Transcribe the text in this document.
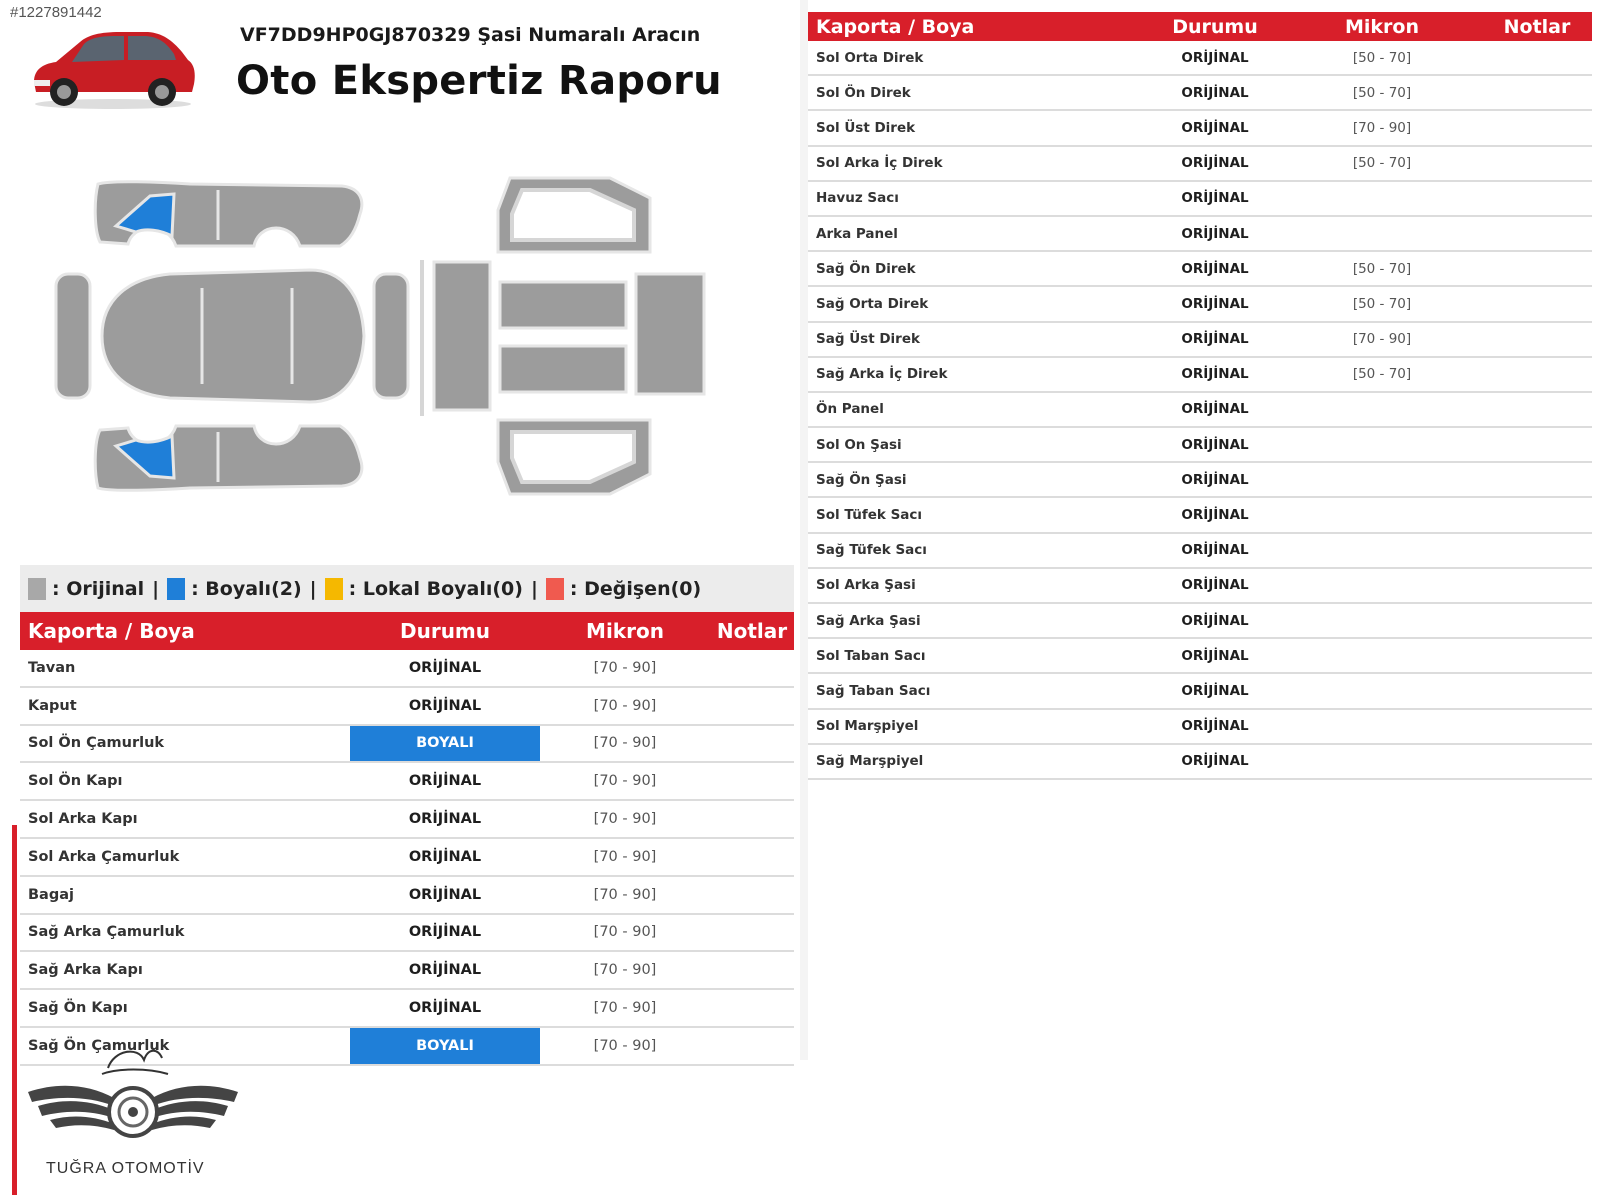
#1227891442
VF7DD9HP0GJ870329 Şasi Numaralı Aracın
Oto Ekspertiz Raporu
: Orijinal | : Boyalı(2) | : Lokal Boyalı(0) | : Değişen(0)
Kaporta / Boya	Durumu	Mikron	Notlar
Tavan	ORİJİNAL	[70 - 90]
Kaput	ORİJİNAL	[70 - 90]
Sol Ön Çamurluk	BOYALI	[70 - 90]
Sol Ön Kapı	ORİJİNAL	[70 - 90]
Sol Arka Kapı	ORİJİNAL	[70 - 90]
Sol Arka Çamurluk	ORİJİNAL	[70 - 90]
Bagaj	ORİJİNAL	[70 - 90]
Sağ Arka Çamurluk	ORİJİNAL	[70 - 90]
Sağ Arka Kapı	ORİJİNAL	[70 - 90]
Sağ Ön Kapı	ORİJİNAL	[70 - 90]
Sağ Ön Çamurluk	BOYALI	[70 - 90]
Kaporta / Boya	Durumu	Mikron	Notlar
Sol Orta Direk	ORİJİNAL	[50 - 70]
Sol Ön Direk	ORİJİNAL	[50 - 70]
Sol Üst Direk	ORİJİNAL	[70 - 90]
Sol Arka İç Direk	ORİJİNAL	[50 - 70]
Havuz Sacı	ORİJİNAL
Arka Panel	ORİJİNAL
Sağ Ön Direk	ORİJİNAL	[50 - 70]
Sağ Orta Direk	ORİJİNAL	[50 - 70]
Sağ Üst Direk	ORİJİNAL	[70 - 90]
Sağ Arka İç Direk	ORİJİNAL	[50 - 70]
Ön Panel	ORİJİNAL
Sol On Şasi	ORİJİNAL
Sağ Ön Şasi	ORİJİNAL
Sol Tüfek Sacı	ORİJİNAL
Sağ Tüfek Sacı	ORİJİNAL
Sol Arka Şasi	ORİJİNAL
Sağ Arka Şasi	ORİJİNAL
Sol Taban Sacı	ORİJİNAL
Sağ Taban Sacı	ORİJİNAL
Sol Marşpiyel	ORİJİNAL
Sağ Marşpiyel	ORİJİNAL
TUĞRA OTOMOTİV
